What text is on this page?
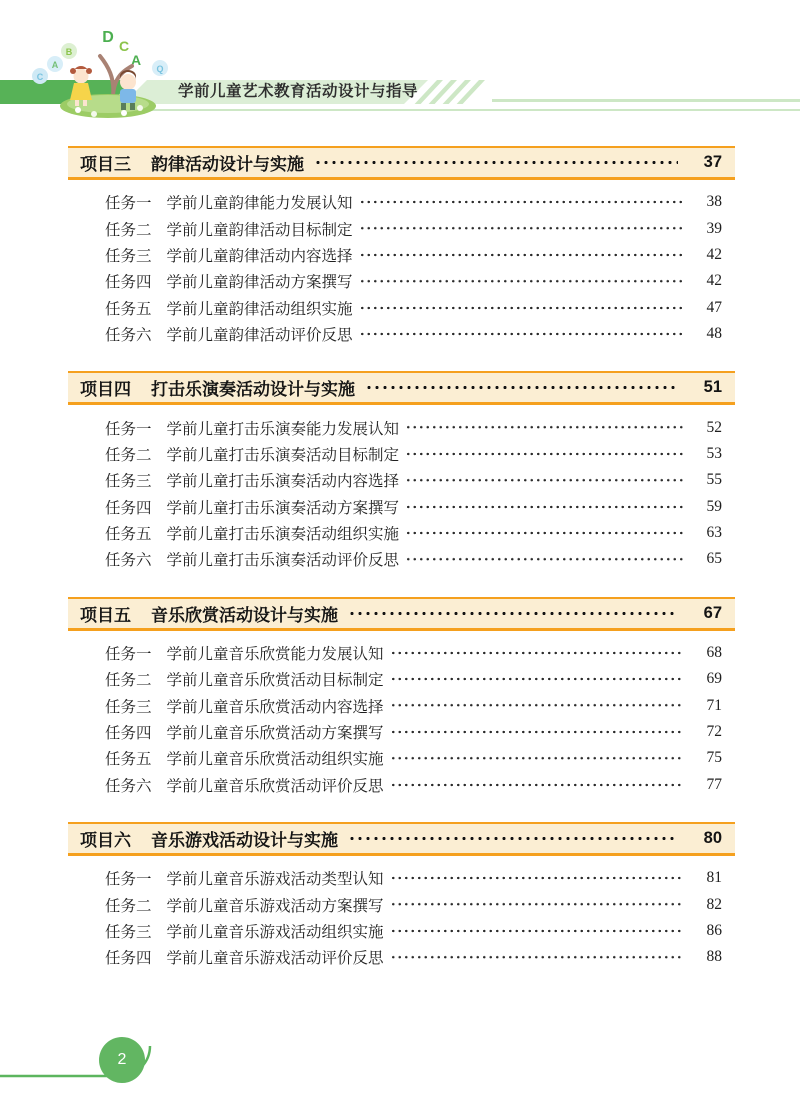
C
A
B
Q
D C
A
学前儿童艺术教育活动设计与指导
项目三 韵律活动设计与实施	37
任务一 学前儿童韵律能力发展认知	38
任务二 学前儿童韵律活动目标制定	39
任务三 学前儿童韵律活动内容选择	42
任务四 学前儿童韵律活动方案撰写	42
任务五 学前儿童韵律活动组织实施	47
任务六 学前儿童韵律活动评价反思	48
项目四 打击乐演奏活动设计与实施	51
任务一 学前儿童打击乐演奏能力发展认知	52
任务二 学前儿童打击乐演奏活动目标制定	53
任务三 学前儿童打击乐演奏活动内容选择	55
任务四 学前儿童打击乐演奏活动方案撰写	59
任务五 学前儿童打击乐演奏活动组织实施	63
任务六 学前儿童打击乐演奏活动评价反思	65
项目五 音乐欣赏活动设计与实施	67
任务一 学前儿童音乐欣赏能力发展认知	68
任务二 学前儿童音乐欣赏活动目标制定	69
任务三 学前儿童音乐欣赏活动内容选择	71
任务四 学前儿童音乐欣赏活动方案撰写	72
任务五 学前儿童音乐欣赏活动组织实施	75
任务六 学前儿童音乐欣赏活动评价反思	77
项目六 音乐游戏活动设计与实施	80
任务一 学前儿童音乐游戏活动类型认知	81
任务二 学前儿童音乐游戏活动方案撰写	82
任务三 学前儿童音乐游戏活动组织实施	86
任务四 学前儿童音乐游戏活动评价反思	88
2
